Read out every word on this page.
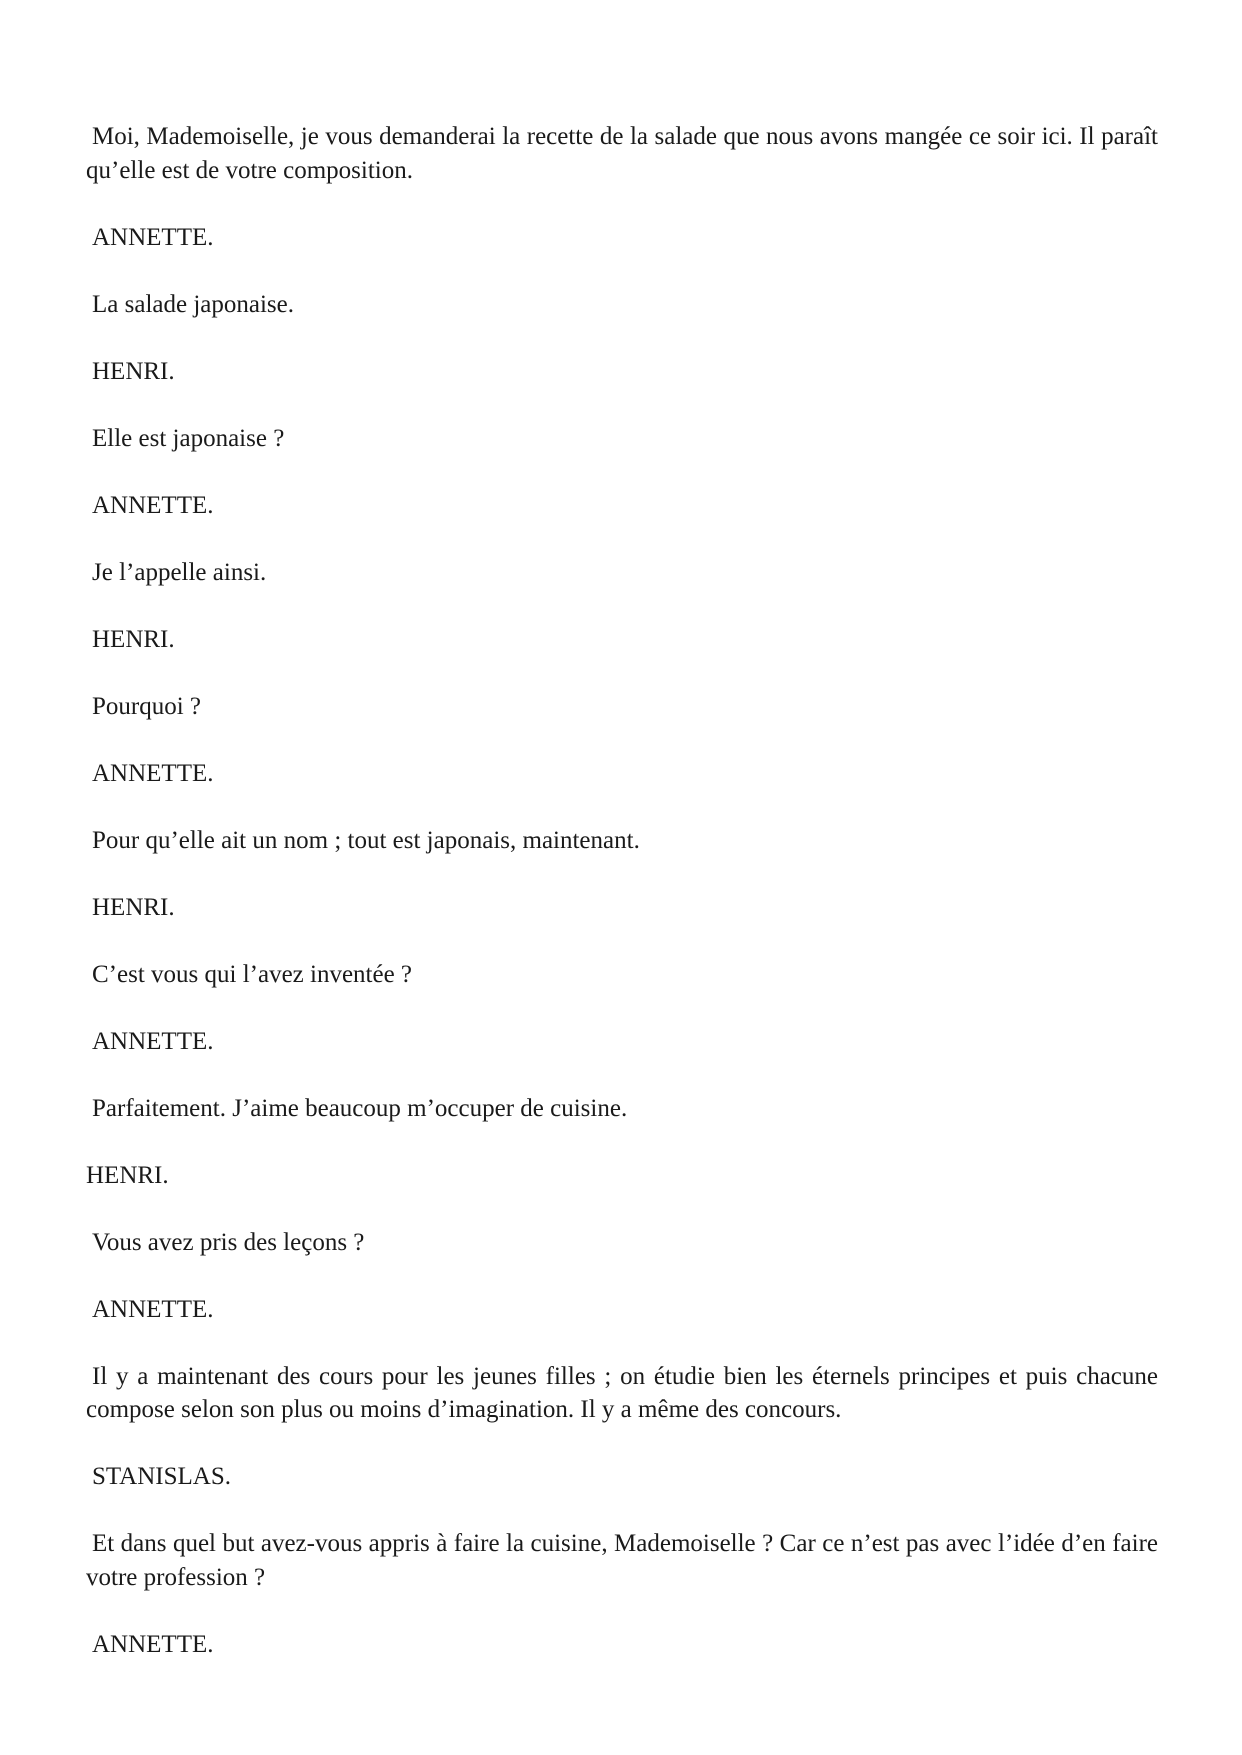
Moi, Mademoiselle, je vous demanderai la recette de la salade que nous avons mangée ce soir ici. Il paraît qu’elle est de votre composition.

ANNETTE.

La salade japonaise.

HENRI.

Elle est japonaise ?

ANNETTE.

Je l’appelle ainsi.

HENRI.

Pourquoi ?

ANNETTE.

Pour qu’elle ait un nom ; tout est japonais, maintenant.

HENRI.

C’est vous qui l’avez inventée ?

ANNETTE.

Parfaitement. J’aime beaucoup m’occuper de cuisine.

HENRI.

Vous avez pris des leçons ?

ANNETTE.

Il y a maintenant des cours pour les jeunes filles ; on étudie bien les éternels principes et puis chacune compose selon son plus ou moins d’imagination. Il y a même des concours.

STANISLAS.

Et dans quel but avez-vous appris à faire la cuisine, Mademoiselle ? Car ce n’est pas avec l’idée d’en faire votre profession ?

ANNETTE.
